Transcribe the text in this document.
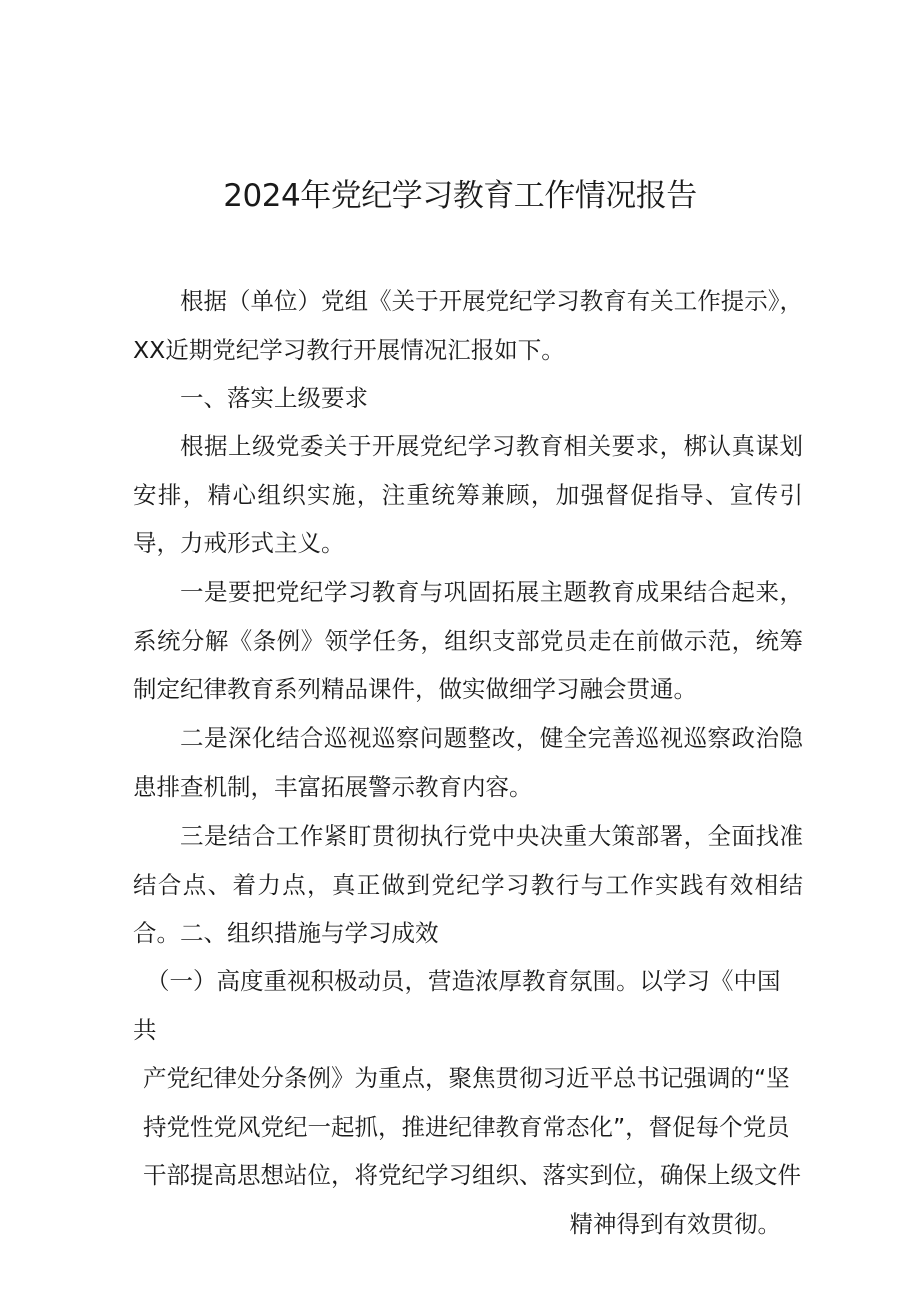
2024年党纪学习教育工作情况报告

根据（单位）党组《关于开展党纪学习教育有关工作提示》，XX近期党纪学习教行开展情况汇报如下。

一、落实上级要求

根据上级党委关于开展党纪学习教育相关要求，梆认真谋划安排，精心组织实施，注重统筹兼顾，加强督促指导、宣传引导，力戒形式主义。

一是要把党纪学习教育与巩固拓展主题教育成果结合起来，系统分解《条例》领学任务，组织支部党员走在前做示范，统筹制定纪律教育系列精品课件，做实做细学习融会贯通。

二是深化结合巡视巡察问题整改，健全完善巡视巡察政治隐患排查机制，丰富拓展警示教育内容。

三是结合工作紧盯贯彻执行党中央决重大策部署，全面找准结合点、着力点，真正做到党纪学习教行与工作实践有效相结合。 二、组织措施与学习成效

（一）高度重视积极动员，营造浓厚教育氛围。以学习《中国共
产党纪律处分条例》为重点，聚焦贯彻习近平总书记强调的“坚
持党性党风党纪一起抓，推进纪律教育常态化”，督促每个党员
干部提高思想站位，将党纪学习组织、落实到位，确保上级文件
精神得到有效贯彻。
